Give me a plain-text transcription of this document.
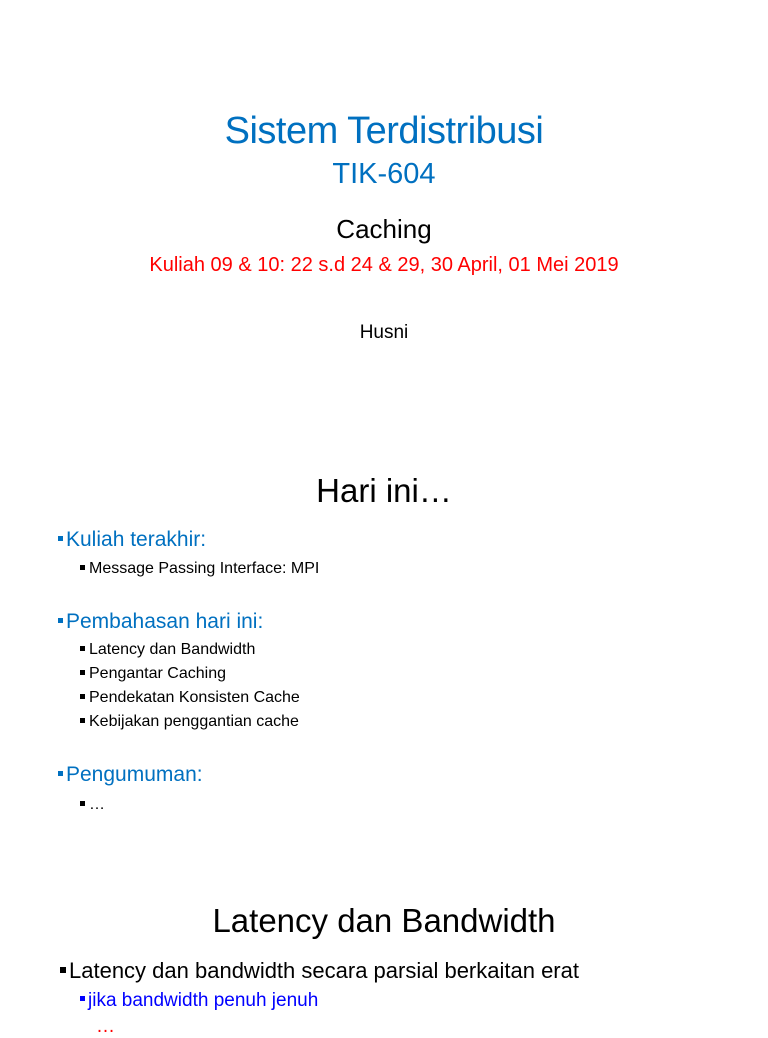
Sistem Terdistribusi
TIK-604
Caching
Kuliah 09 & 10: 22 s.d 24 & 29, 30 April, 01 Mei 2019
Husni
Hari ini…
Kuliah terakhir:
Message Passing Interface: MPI
Pembahasan hari ini:
Latency dan Bandwidth
Pengantar Caching
Pendekatan Konsisten Cache
Kebijakan penggantian cache
Pengumuman:
…
Latency dan Bandwidth
Latency dan bandwidth secara parsial berkaitan erat
jika bandwidth penuh jenuh
…
